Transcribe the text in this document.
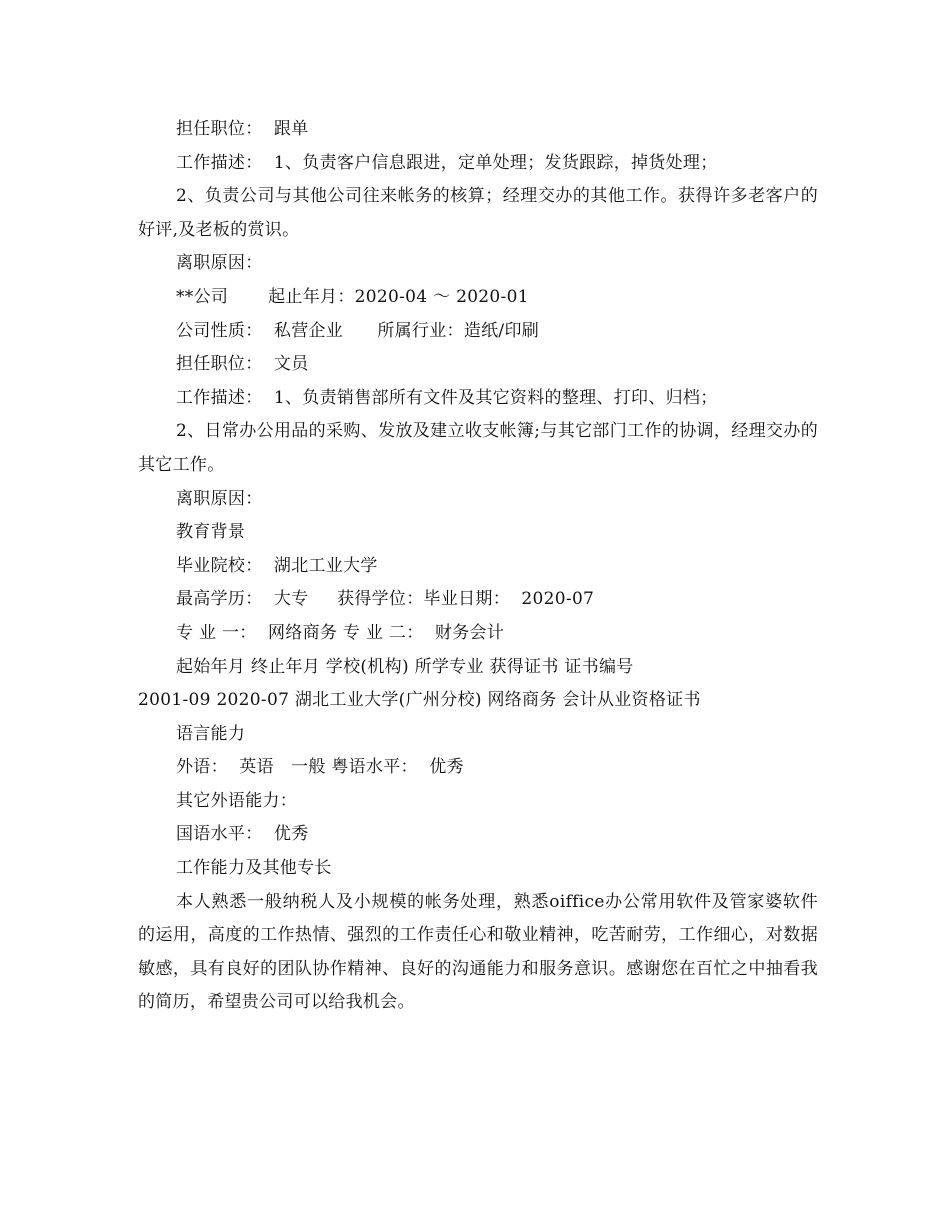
担任职位：  跟单
工作描述：  1、负责客户信息跟进，定单处理；发货跟踪，掉货处理；
2、负责公司与其他公司往来帐务的核算；经理交办的其他工作。获得许多老客户的好评,及老板的赏识。
离职原因：
**公司       起止年月：2020-04 ～ 2020-01
公司性质：  私营企业      所属行业：造纸/印刷
担任职位：  文员
工作描述：  1、负责销售部所有文件及其它资料的整理、打印、归档；
2、日常办公用品的采购、发放及建立收支帐簿;与其它部门工作的协调，经理交办的其它工作。
离职原因：
教育背景
毕业院校：  湖北工业大学
最高学历：  大专     获得学位：毕业日期：  2020-07
专 业 一：  网络商务 专 业 二：  财务会计
起始年月 终止年月 学校(机构) 所学专业 获得证书 证书编号
2001-09 2020-07 湖北工业大学(广州分校) 网络商务 会计从业资格证书
语言能力
外语：  英语   一般 粤语水平：  优秀
其它外语能力：
国语水平：  优秀
工作能力及其他专长
本人熟悉一般纳税人及小规模的帐务处理，熟悉oiffice办公常用软件及管家婆软件的运用，高度的工作热情、强烈的工作责任心和敬业精神，吃苦耐劳，工作细心，对数据敏感，具有良好的团队协作精神、良好的沟通能力和服务意识。感谢您在百忙之中抽看我的简历，希望贵公司可以给我机会。
